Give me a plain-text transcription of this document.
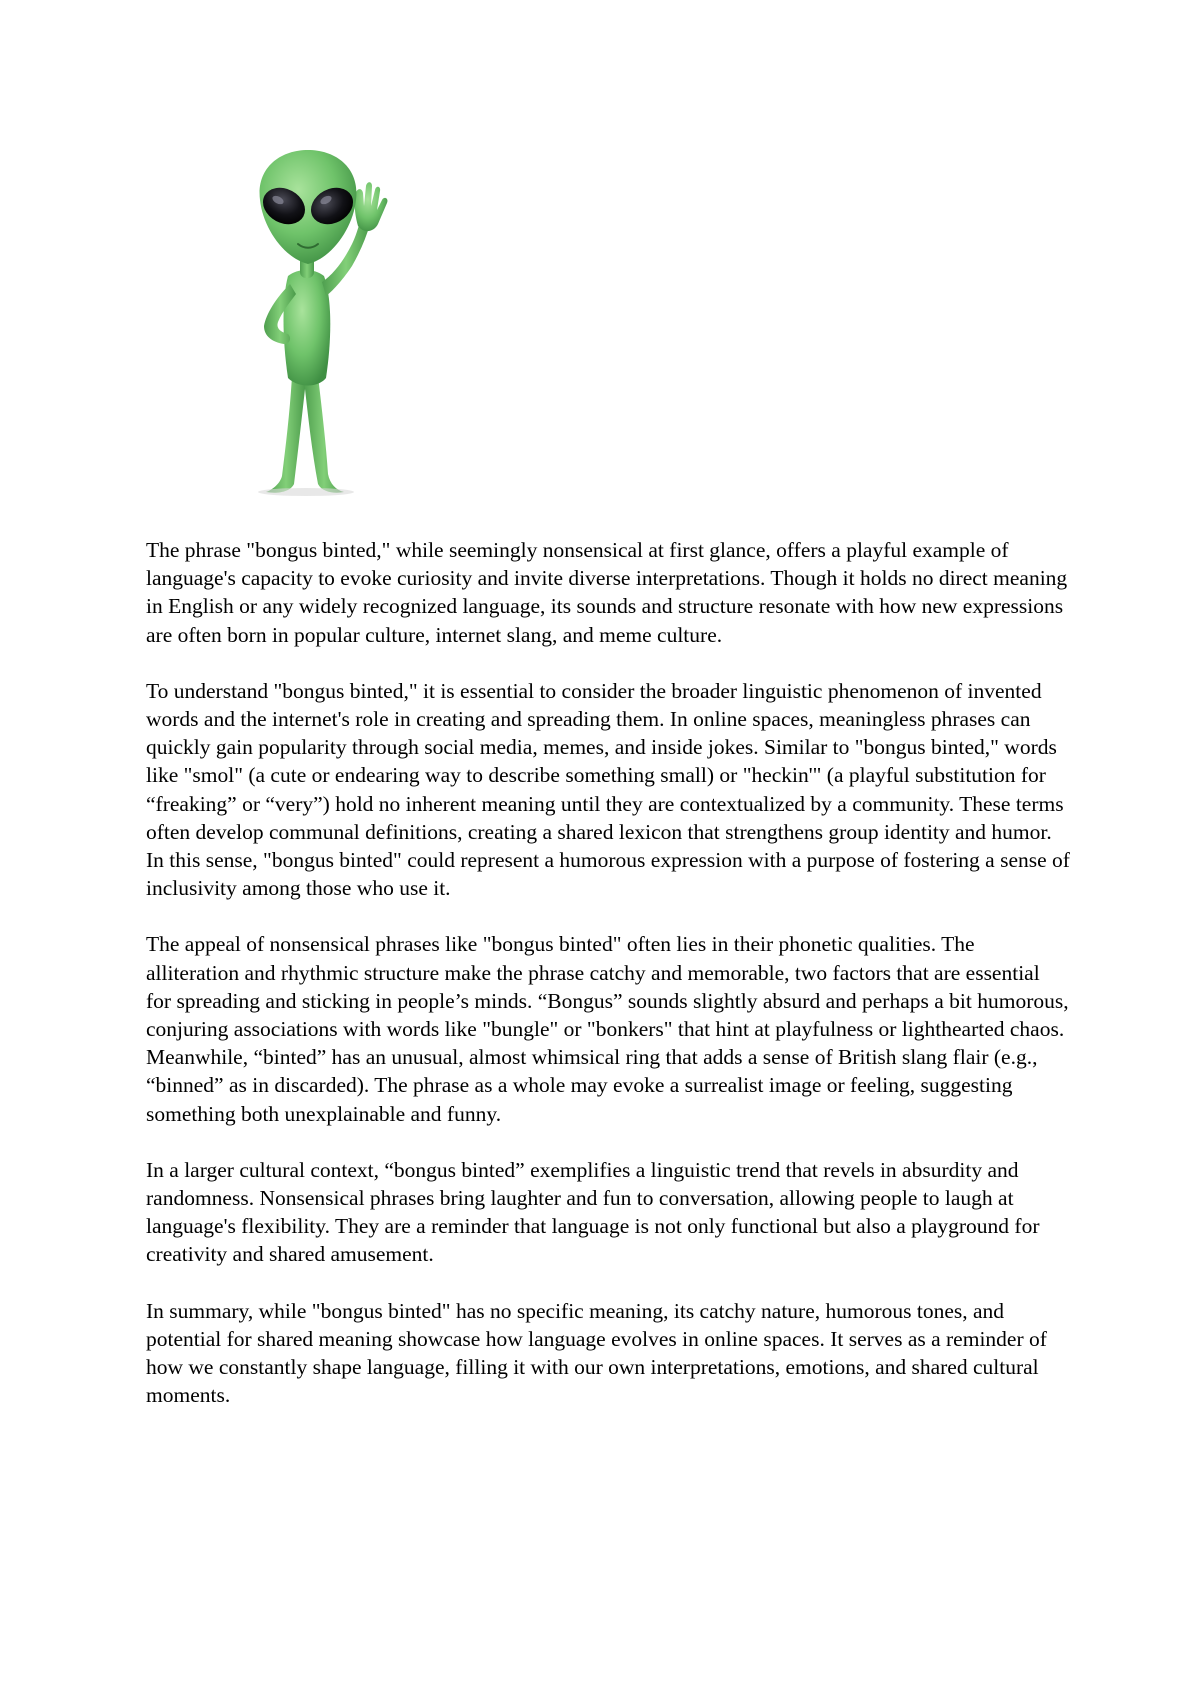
The phrase "bongus binted," while seemingly nonsensical at first glance, offers a playful example of language's capacity to evoke curiosity and invite diverse interpretations. Though it holds no direct meaning in English or any widely recognized language, its sounds and structure resonate with how new expressions are often born in popular culture, internet slang, and meme culture.

To understand "bongus binted," it is essential to consider the broader linguistic phenomenon of invented words and the internet's role in creating and spreading them. In online spaces, meaningless phrases can quickly gain popularity through social media, memes, and inside jokes. Similar to "bongus binted," words like "smol" (a cute or endearing way to describe something small) or "heckin'" (a playful substitution for “freaking” or “very”) hold no inherent meaning until they are contextualized by a community. These terms often develop communal definitions, creating a shared lexicon that strengthens group identity and humor. In this sense, "bongus binted" could represent a humorous expression with a purpose of fostering a sense of inclusivity among those who use it.

The appeal of nonsensical phrases like "bongus binted" often lies in their phonetic qualities. The alliteration and rhythmic structure make the phrase catchy and memorable, two factors that are essential for spreading and sticking in people’s minds. “Bongus” sounds slightly absurd and perhaps a bit humorous, conjuring associations with words like "bungle" or "bonkers" that hint at playfulness or lighthearted chaos. Meanwhile, “binted” has an unusual, almost whimsical ring that adds a sense of British slang flair (e.g., “binned” as in discarded). The phrase as a whole may evoke a surrealist image or feeling, suggesting something both unexplainable and funny.

In a larger cultural context, “bongus binted” exemplifies a linguistic trend that revels in absurdity and randomness. Nonsensical phrases bring laughter and fun to conversation, allowing people to laugh at language's flexibility. They are a reminder that language is not only functional but also a playground for creativity and shared amusement.

In summary, while "bongus binted" has no specific meaning, its catchy nature, humorous tones, and potential for shared meaning showcase how language evolves in online spaces. It serves as a reminder of how we constantly shape language, filling it with our own interpretations, emotions, and shared cultural moments.
